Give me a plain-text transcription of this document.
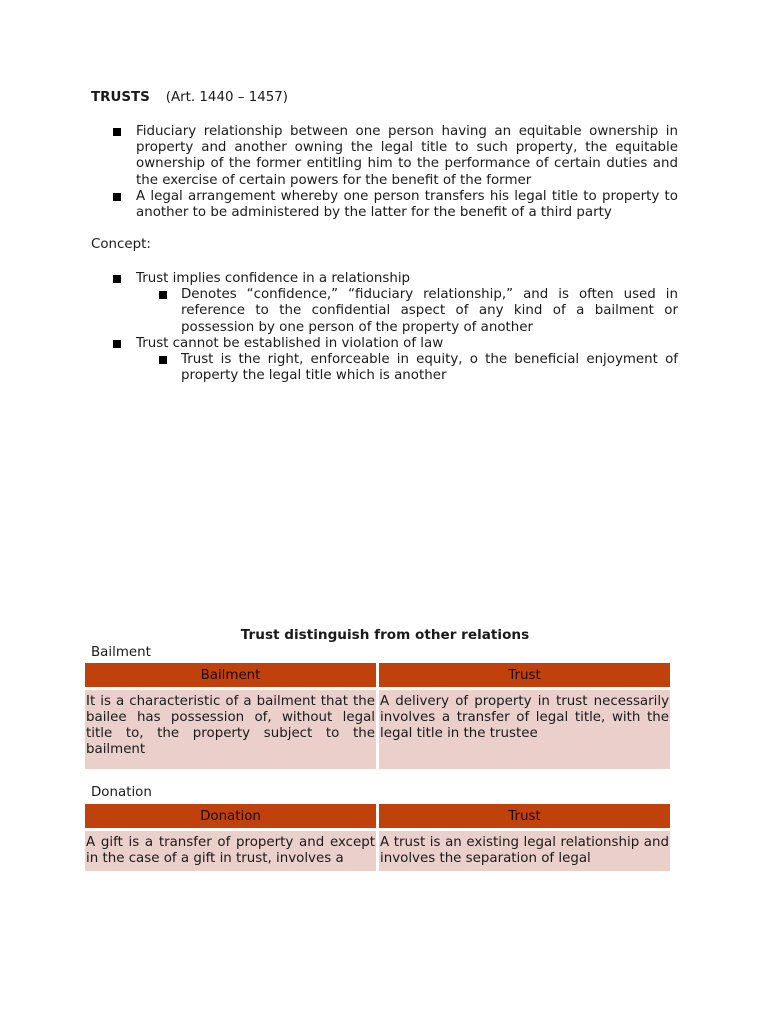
TRUSTS (Art. 1440 – 1457)
Fiduciary relationship between one person having an equitable ownership in property and another owning the legal title to such property, the equitable ownership of the former entitling him to the performance of certain duties and the exercise of certain powers for the benefit of the former
A legal arrangement whereby one person transfers his legal title to property to another to be administered by the latter for the benefit of a third party
Concept:
Trust implies confidence in a relationship
Denotes “confidence,” “fiduciary relationship,” and is often used in reference to the confidential aspect of any kind of a bailment or possession by one person of the property of another
Trust cannot be established in violation of law
Trust is the right, enforceable in equity, o the beneficial enjoyment of property the legal title which is another
Trust distinguish from other relations
Bailment
Bailment	Trust

It is a characteristic of a bailment that the bailee has possession of, without legal title to, the property subject to the bailment	A delivery of property in trust necessarily involves a transfer of legal title, with the legal title in the trustee
Donation
Donation	Trust

A gift is a transfer of property and except in the case of a gift in trust, involves a	A trust is an existing legal relationship and involves the separation of legal
